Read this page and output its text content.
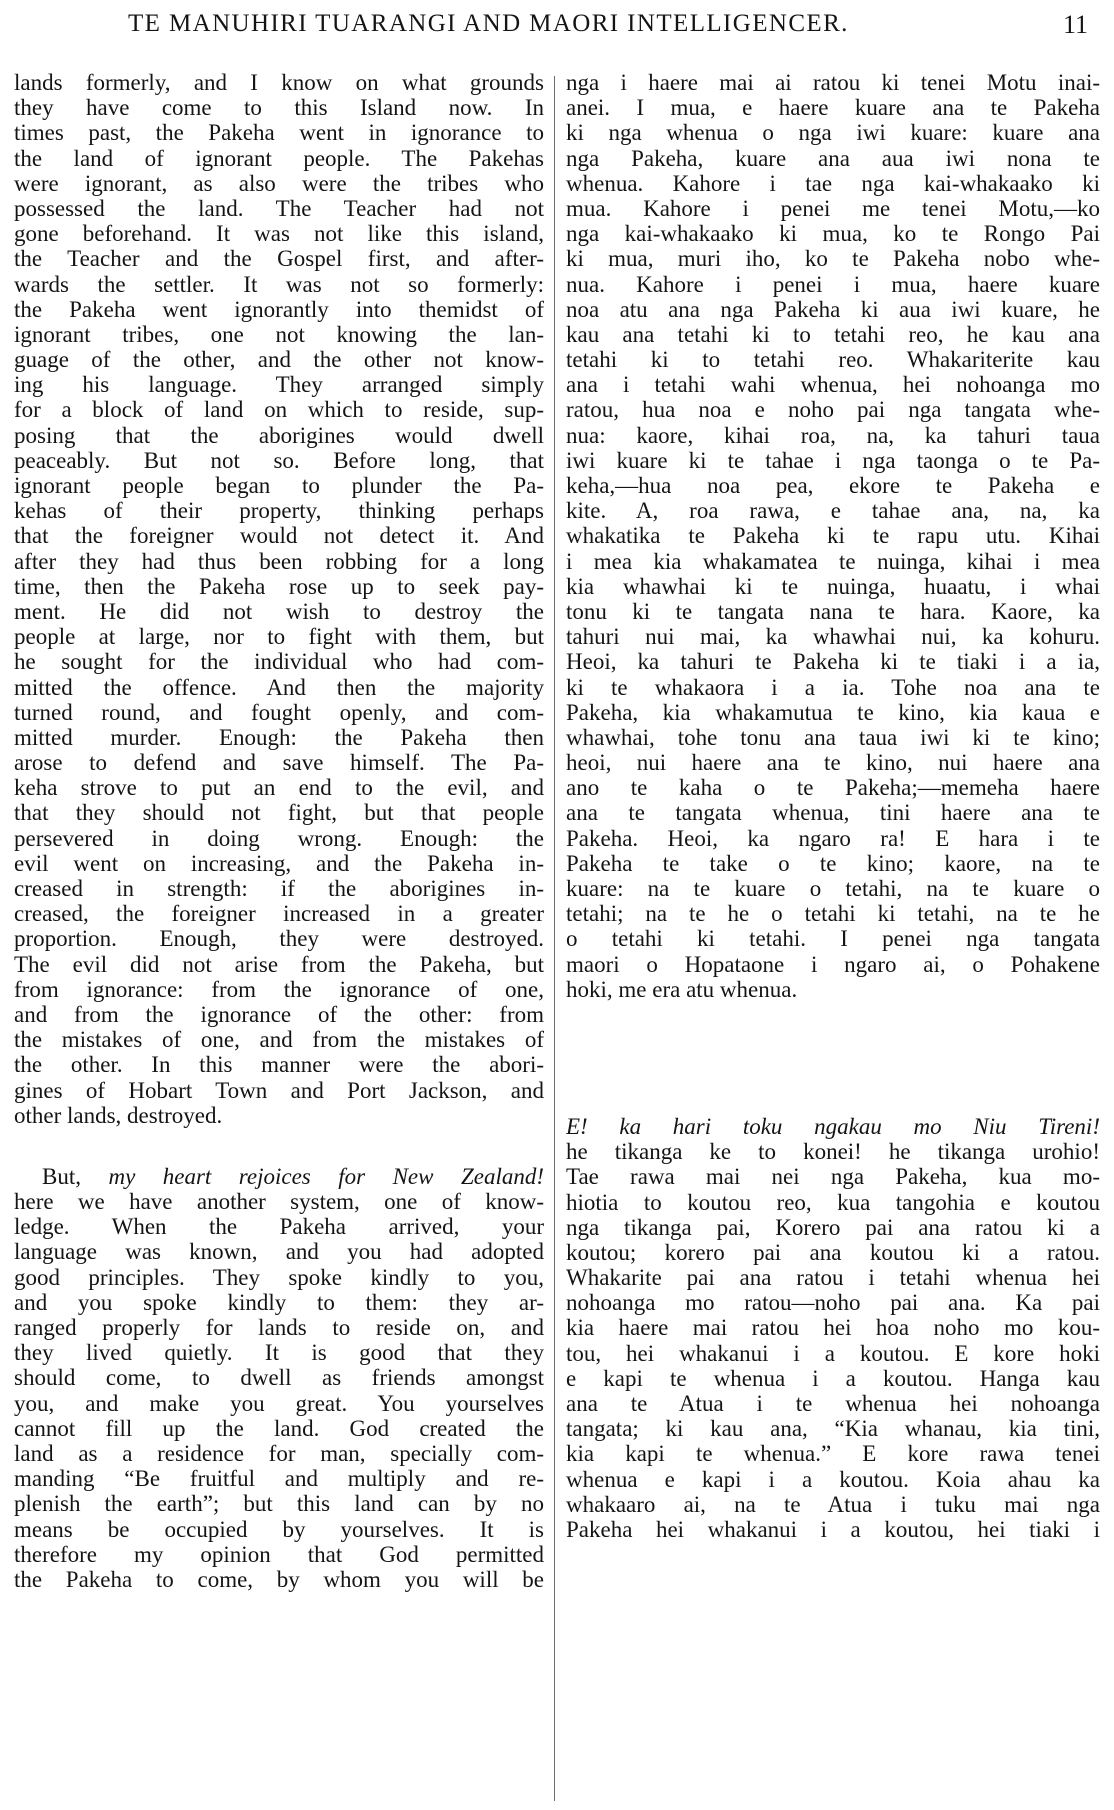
TE MANUHIRI TUARANGI AND MAORI INTELLIGENCER.	11
lands formerly, and I know on what grounds
they have come to this Island now. In
times past, the Pakeha went in ignorance to
the land of ignorant people. The Pakehas
were ignorant, as also were the tribes who
possessed the land. The Teacher had not
gone beforehand. It was not like this island,
the Teacher and the Gospel first, and after-
wards the settler. It was not so formerly:
the Pakeha went ignorantly into themidst of
ignorant tribes, one not knowing the lan-
guage of the other, and the other not know-
ing his language. They arranged simply
for a block of land on which to reside, sup-
posing that the aborigines would dwell
peaceably. But not so. Before long, that
ignorant people began to plunder the Pa-
kehas of their property, thinking perhaps
that the foreigner would not detect it. And
after they had thus been robbing for a long
time, then the Pakeha rose up to seek pay-
ment. He did not wish to destroy the
people at large, nor to fight with them, but
he sought for the individual who had com-
mitted the offence. And then the majority
turned round, and fought openly, and com-
mitted murder. Enough: the Pakeha then
arose to defend and save himself. The Pa-
keha strove to put an end to the evil, and
that they should not fight, but that people
persevered in doing wrong. Enough: the
evil went on increasing, and the Pakeha in-
creased in strength: if the aborigines in-
creased, the foreigner increased in a greater
proportion. Enough, they were destroyed.
The evil did not arise from the Pakeha, but
from ignorance: from the ignorance of one,
and from the ignorance of the other: from
the mistakes of one, and from the mistakes of
the other. In this manner were the abori-
gines of Hobart Town and Port Jackson, and
other lands, destroyed.
But, my heart rejoices for New Zealand!
here we have another system, one of know-
ledge. When the Pakeha arrived, your
language was known, and you had adopted
good principles. They spoke kindly to you,
and you spoke kindly to them: they ar-
ranged properly for lands to reside on, and
they lived quietly. It is good that they
should come, to dwell as friends amongst
you, and make you great. You yourselves
cannot fill up the land. God created the
land as a residence for man, specially com-
manding “Be fruitful and multiply and re-
plenish the earth”; but this land can by no
means be occupied by yourselves. It is
therefore my opinion that God permitted
the Pakeha to come, by whom you will be
nga i haere mai ai ratou ki tenei Motu inai-
anei. I mua, e haere kuare ana te Pakeha
ki nga whenua o nga iwi kuare: kuare ana
nga Pakeha, kuare ana aua iwi nona te
whenua. Kahore i tae nga kai-whakaako ki
mua. Kahore i penei me tenei Motu,—ko
nga kai-whakaako ki mua, ko te Rongo Pai
ki mua, muri iho, ko te Pakeha nobo whe-
nua. Kahore i penei i mua, haere kuare
noa atu ana nga Pakeha ki aua iwi kuare, he
kau ana tetahi ki to tetahi reo, he kau ana
tetahi ki to tetahi reo. Whakariterite kau
ana i tetahi wahi whenua, hei nohoanga mo
ratou, hua noa e noho pai nga tangata whe-
nua: kaore, kihai roa, na, ka tahuri taua
iwi kuare ki te tahae i nga taonga o te Pa-
keha,—hua noa pea, ekore te Pakeha e
kite. A, roa rawa, e tahae ana, na, ka
whakatika te Pakeha ki te rapu utu. Kihai
i mea kia whakamatea te nuinga, kihai i mea
kia whawhai ki te nuinga, huaatu, i whai
tonu ki te tangata nana te hara. Kaore, ka
tahuri nui mai, ka whawhai nui, ka kohuru.
Heoi, ka tahuri te Pakeha ki te tiaki i a ia,
ki te whakaora i a ia. Tohe noa ana te
Pakeha, kia whakamutua te kino, kia kaua e
whawhai, tohe tonu ana taua iwi ki te kino;
heoi, nui haere ana te kino, nui haere ana
ano te kaha o te Pakeha;—memeha haere
ana te tangata whenua, tini haere ana te
Pakeha. Heoi, ka ngaro ra! E hara i te
Pakeha te take o te kino; kaore, na te
kuare: na te kuare o tetahi, na te kuare o
tetahi; na te he o tetahi ki tetahi, na te he
o tetahi ki tetahi. I penei nga tangata
maori o Hopataone i ngaro ai, o Pohakene
hoki, me era atu whenua.
E! ka hari toku ngakau mo Niu Tireni!
he tikanga ke to konei! he tikanga urohio!
Tae rawa mai nei nga Pakeha, kua mo-
hiotia to koutou reo, kua tangohia e koutou
nga tikanga pai, Korero pai ana ratou ki a
koutou; korero pai ana koutou ki a ratou.
Whakarite pai ana ratou i tetahi whenua hei
nohoanga mo ratou—noho pai ana. Ka pai
kia haere mai ratou hei hoa noho mo kou-
tou, hei whakanui i a koutou. E kore hoki
e kapi te whenua i a koutou. Hanga kau
ana te Atua i te whenua hei nohoanga
tangata; ki kau ana, “Kia whanau, kia tini,
kia kapi te whenua.” E kore rawa tenei
whenua e kapi i a koutou. Koia ahau ka
whakaaro ai, na te Atua i tuku mai nga
Pakeha hei whakanui i a koutou, hei tiaki i
